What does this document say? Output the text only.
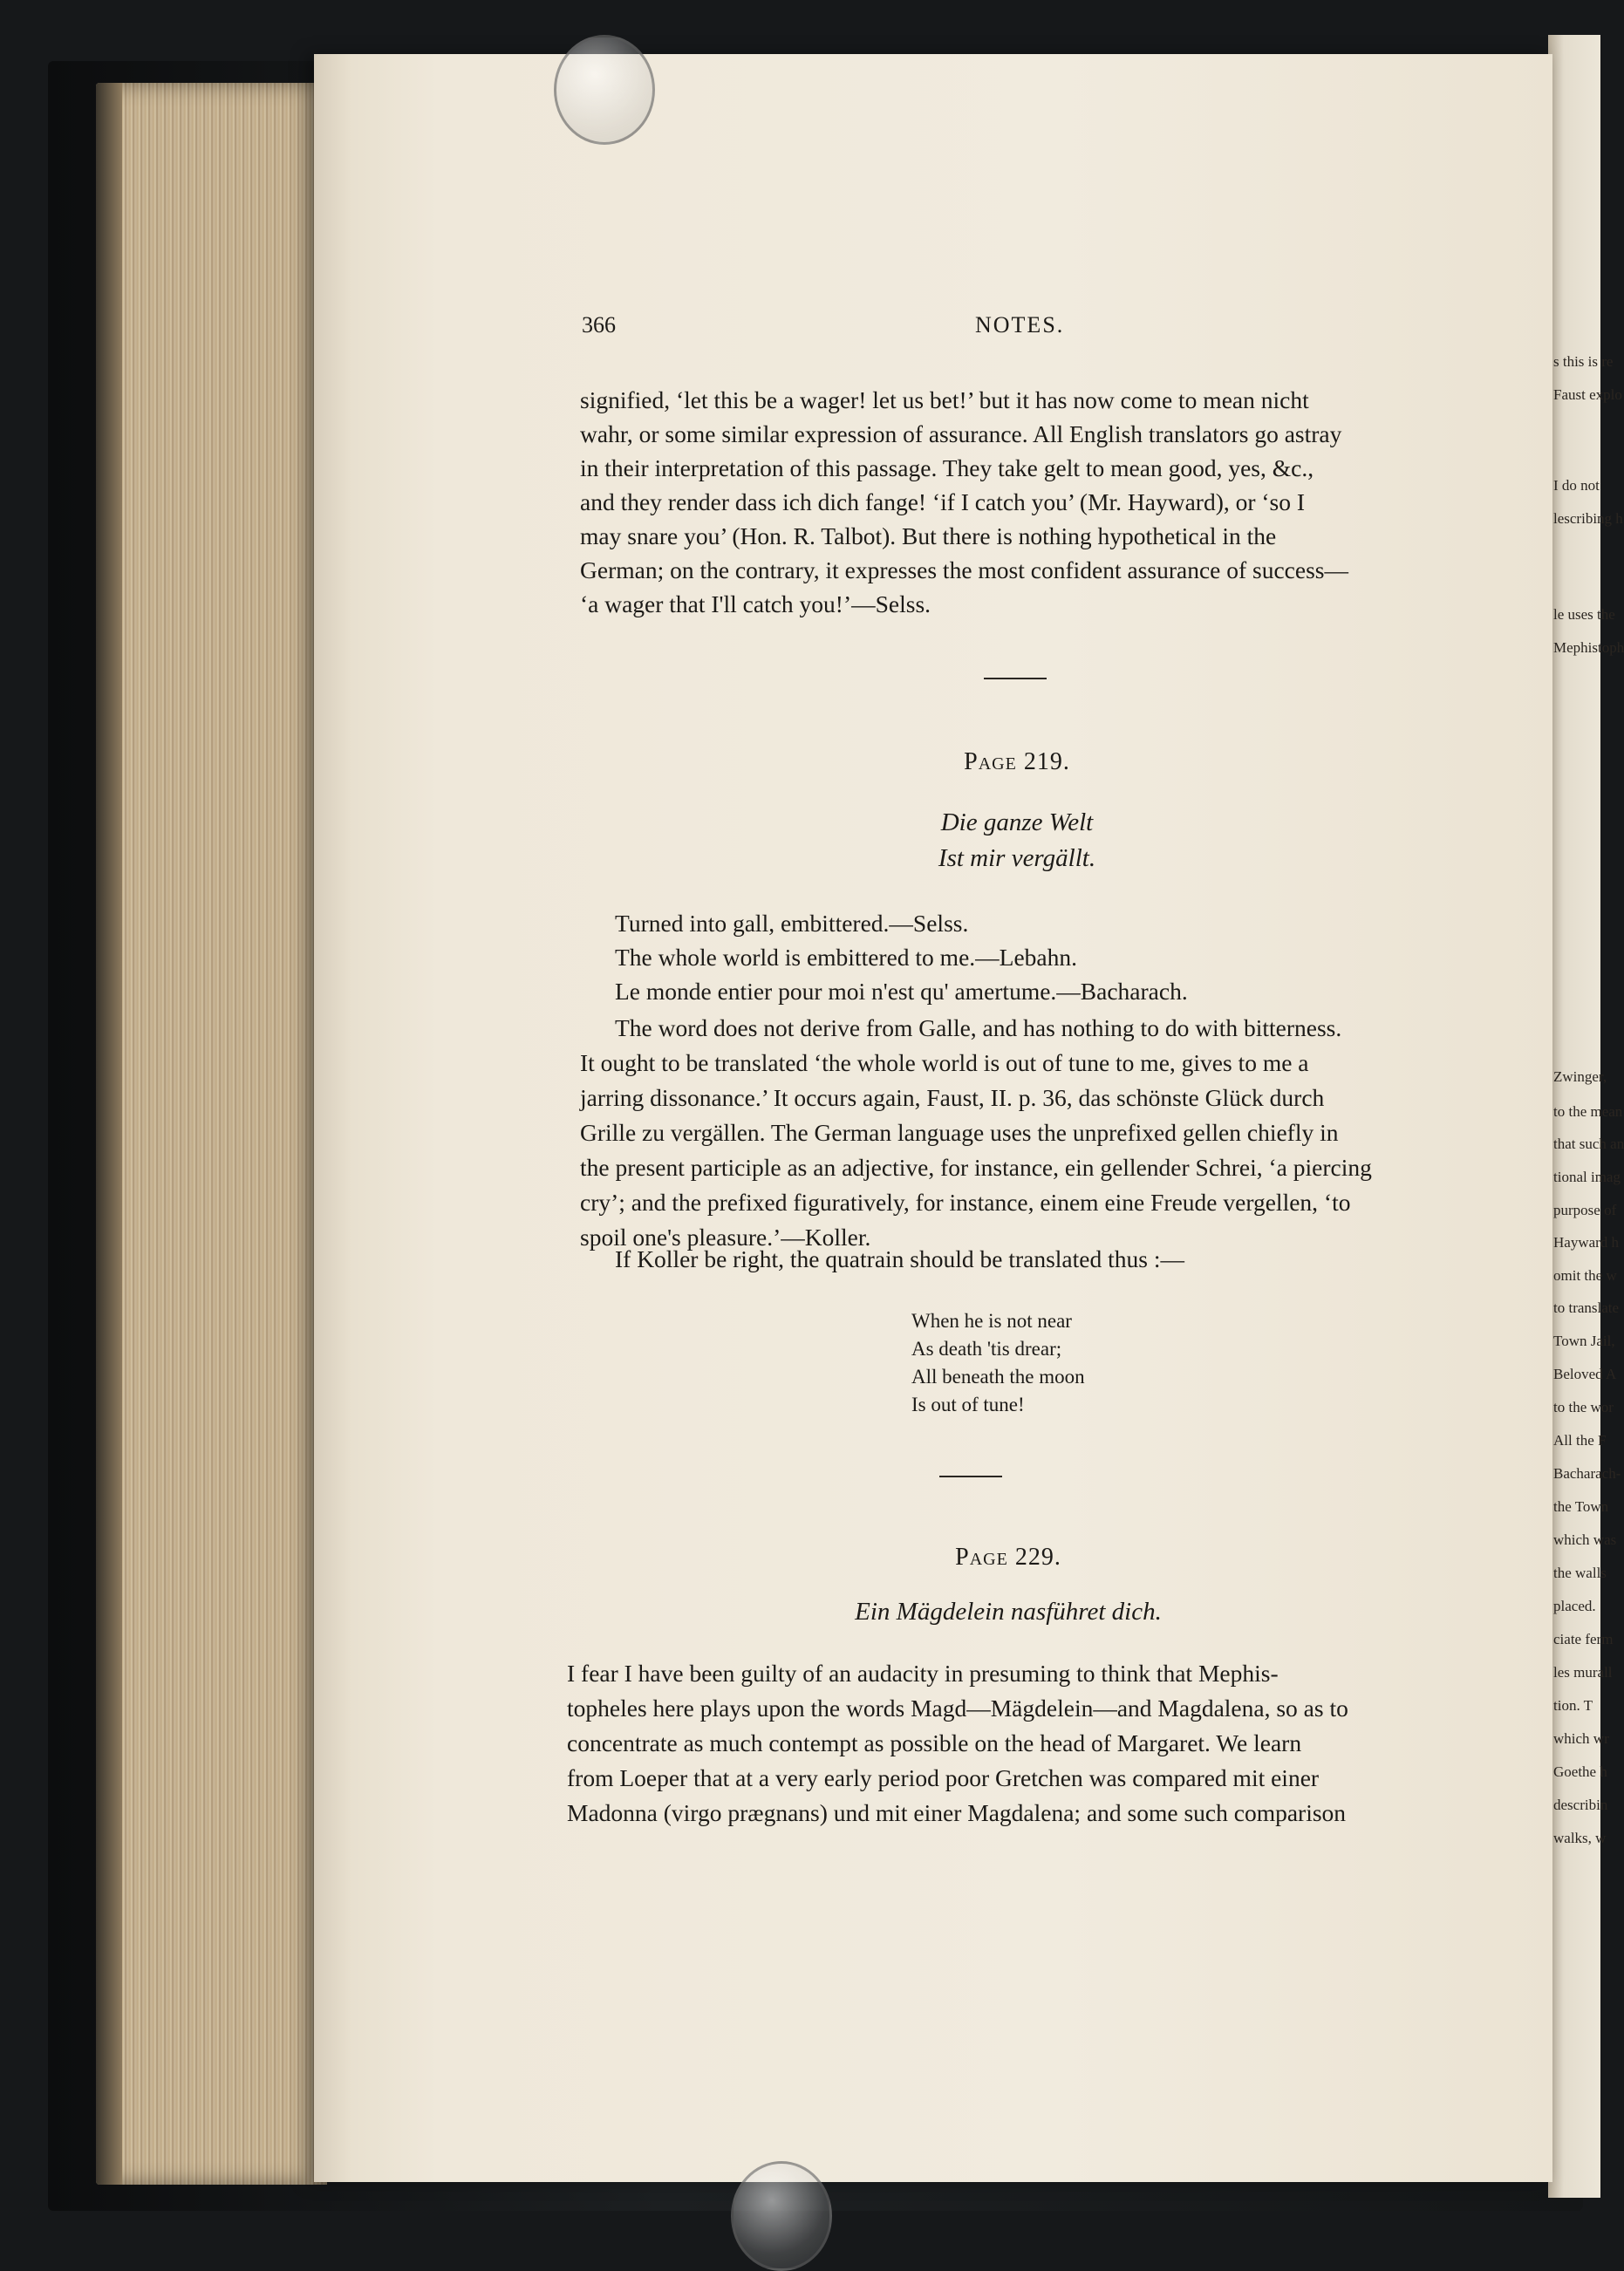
s this is re
Faust explo
I do not
lescribing h
le uses the
Mephistoph
Zwinger,
to the mean
that such an
tional imag
purpose of
Hayward h
omit the w
to translate
Town Jail,
Beloved A
to the wor
All the F
Bacharach-
the Town
which was
the walls
placed.
ciate ferm
les murall
tion. T
which wr
Goethe h
describin
walks, w
366	NOTES.
signified, ‘let this be a wager! let us bet!’ but it has now come to mean nicht
wahr, or some similar expression of assurance. All English translators go astray
in their interpretation of this passage. They take gelt to mean good, yes, &c.,
and they render dass ich dich fange! ‘if I catch you’ (Mr. Hayward), or ‘so I
may snare you’ (Hon. R. Talbot). But there is nothing hypothetical in the
German; on the contrary, it expresses the most confident assurance of success—
‘a wager that I'll catch you!’—Selss.
Page 219.
Die ganze Welt
Ist mir vergällt.
Turned into gall, embittered.—Selss.
The whole world is embittered to me.—Lebahn.
Le monde entier pour moi n'est qu' amertume.—Bacharach.
The word does not derive from Galle, and has nothing to do with bitterness.
It ought to be translated ‘the whole world is out of tune to me, gives to me a
jarring dissonance.’ It occurs again, Faust, II. p. 36, das schönste Glück durch
Grille zu vergällen. The German language uses the unprefixed gellen chiefly in
the present participle as an adjective, for instance, ein gellender Schrei, ‘a piercing
cry’; and the prefixed figuratively, for instance, einem eine Freude vergellen, ‘to
spoil one's pleasure.’—Koller.
If Koller be right, the quatrain should be translated thus :—
When he is not near
As death 'tis drear;
All beneath the moon
Is out of tune!
Page 229.
Ein Mägdelein nasführet dich.
I fear I have been guilty of an audacity in presuming to think that Mephis-
topheles here plays upon the words Magd—Mägdelein—and Magdalena, so as to
concentrate as much contempt as possible on the head of Margaret. We learn
from Loeper that at a very early period poor Gretchen was compared mit einer
Madonna (virgo prægnans) und mit einer Magdalena; and some such comparison
